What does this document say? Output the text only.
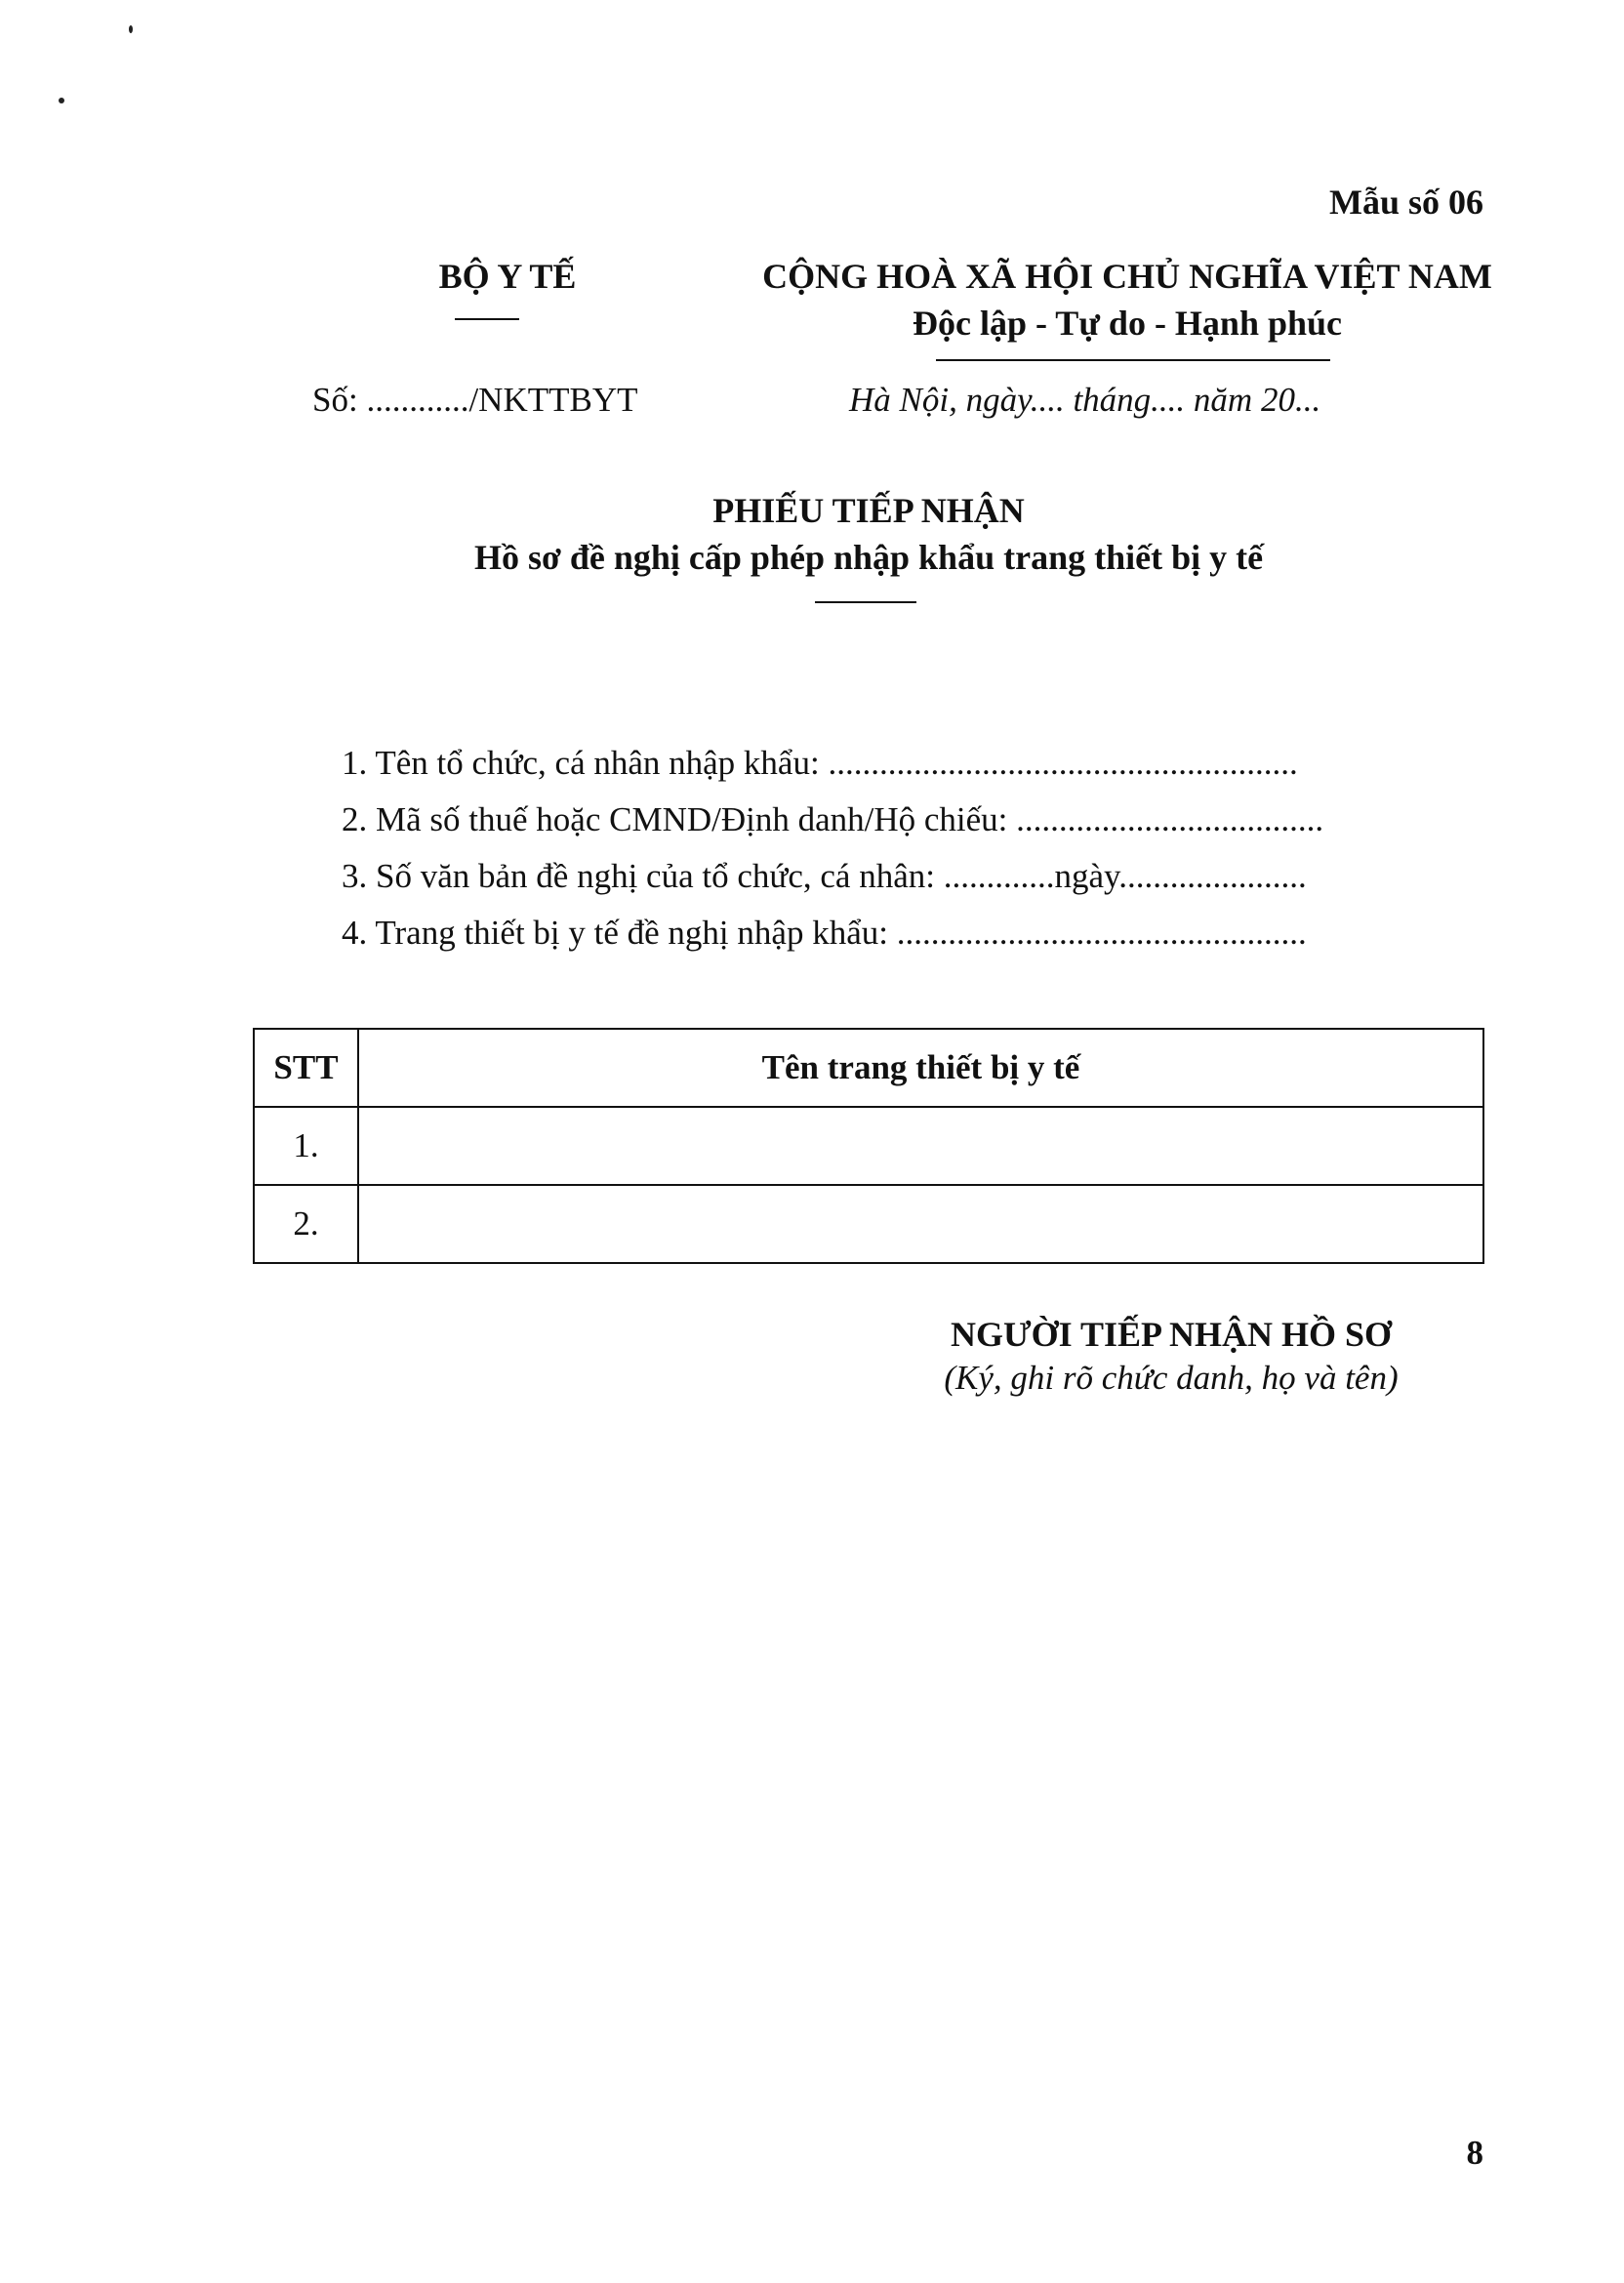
Mẫu số 06
BỘ Y TẾ
Số: ............/NKTTBYT
CỘNG HOÀ XÃ HỘI CHỦ NGHĨA VIỆT NAM
Độc lập - Tự do - Hạnh phúc
Hà Nội, ngày.... tháng.... năm 20...
PHIẾU TIẾP NHẬN
Hồ sơ đề nghị cấp phép nhập khẩu trang thiết bị y tế
1. Tên tổ chức, cá nhân nhập khẩu: .......................................................
2. Mã số thuế hoặc CMND/Định danh/Hộ chiếu: ....................................
3. Số văn bản đề nghị của tổ chức, cá nhân: .............ngày......................
4. Trang thiết bị y tế đề nghị nhập khẩu: ................................................
STT	Tên trang thiết bị y tế
1.	
2.	
NGƯỜI TIẾP NHẬN HỒ SƠ
(Ký, ghi rõ chức danh, họ và tên)
8
